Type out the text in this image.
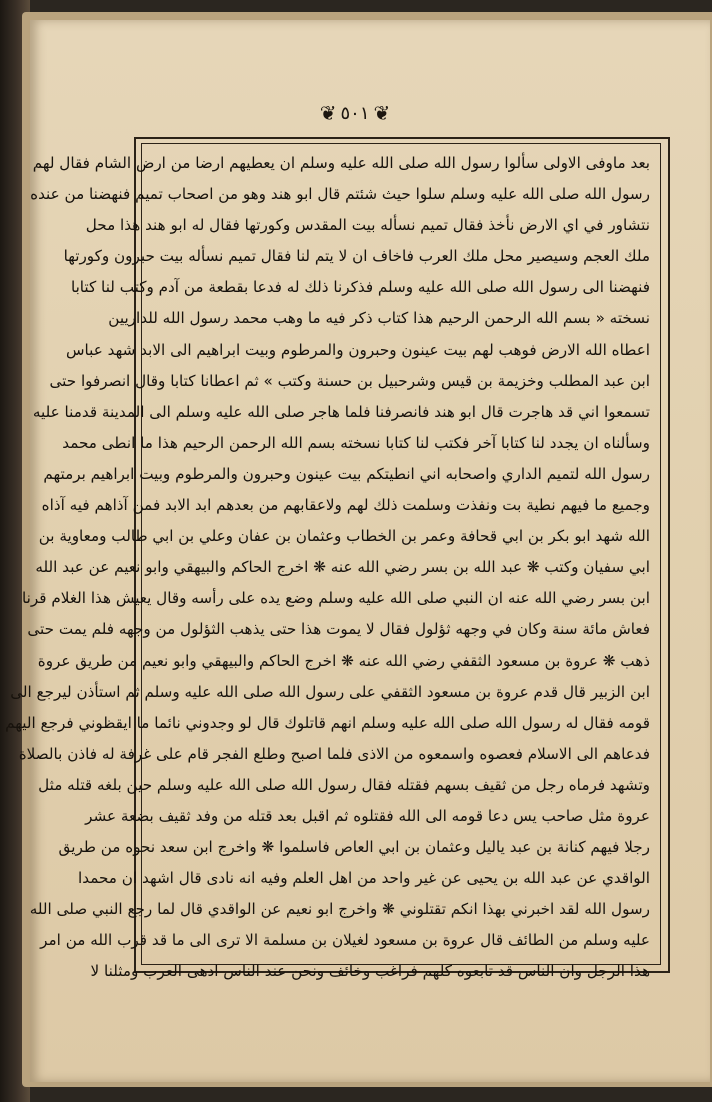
❦
٥٠١
❦
بعد ماوفى الاولى سألوا رسول الله صلى الله عليه وسلم ان يعطيهم ارضا من ارض الشام فقال لهم
رسول الله صلى الله عليه وسلم سلوا حيث شئتم قال ابو هند وهو من اصحاب تميم فنهضنا من عنده
نتشاور في اي الارض نأخذ فقال تميم نسأله بيت المقدس وكورتها فقال له ابو هند هذا محل
ملك العجم وسيصير محل ملك العرب فاخاف ان لا يتم لنا فقال تميم نسأله بيت حبرون وكورتها
فنهضنا الى رسول الله صلى الله عليه وسلم فذكرنا ذلك له فدعا بقطعة من آدم وكتب لنا كتابا
نسخته « بسم الله الرحمن الرحيم هذا كتاب ذكر فيه ما وهب محمد رسول الله للداريين
اعطاه الله الارض فوهب لهم بيت عينون وحبرون والمرطوم وبيت ابراهيم الى الابد شهد عباس
ابن عبد المطلب وخزيمة بن قيس وشرحبيل بن حسنة وكتب » ثم اعطانا كتابا وقال انصرفوا حتى
تسمعوا اني قد هاجرت قال ابو هند فانصرفنا فلما هاجر صلى الله عليه وسلم الى المدينة قدمنا عليه
وسألناه ان يجدد لنا كتابا آخر فكتب لنا كتابا نسخته بسم الله الرحمن الرحيم هذا ما انطى محمد
رسول الله لتميم الداري واصحابه اني انطيتكم بيت عينون وحبرون والمرطوم وبيت ابراهيم برمتهم
وجميع ما فيهم نطية بت ونفذت وسلمت ذلك لهم ولاعقابهم من بعدهم ابد الابد فمن آذاهم فيه آذاه
الله شهد ابو بكر بن ابي قحافة وعمر بن الخطاب وعثمان بن عفان وعلي بن ابي طالب ومعاوية بن
ابي سفيان وكتب ❋ عبد الله بن بسر رضي الله عنه ❋ اخرج الحاكم والبيهقي وابو نعيم عن عبد الله
ابن بسر رضي الله عنه ان النبي صلى الله عليه وسلم وضع يده على رأسه وقال يعيش هذا الغلام قرنا
فعاش مائة سنة وكان في وجهه ثؤلول فقال لا يموت هذا حتى يذهب الثؤلول من وجهه فلم يمت حتى
ذهب ❋ عروة بن مسعود الثقفي رضي الله عنه ❋ اخرج الحاكم والبيهقي وابو نعيم من طريق عروة
ابن الزبير قال قدم عروة بن مسعود الثقفي على رسول الله صلى الله عليه وسلم ثم استأذن ليرجع الى
قومه فقال له رسول الله صلى الله عليه وسلم انهم قاتلوك قال لو وجدوني نائما ما ايقظوني فرجع اليهم
فدعاهم الى الاسلام فعصوه واسمعوه من الاذى فلما اصبح وطلع الفجر قام على غرفة له فاذن بالصلاة
وتشهد فرماه رجل من ثقيف بسهم فقتله فقال رسول الله صلى الله عليه وسلم حين بلغه قتله مثل
عروة مثل صاحب يس دعا قومه الى الله فقتلوه ثم اقبل بعد قتله من وفد ثقيف بضعة عشر
رجلا فيهم كنانة بن عبد ياليل وعثمان بن ابي العاص فاسلموا ❋ واخرج ابن سعد نحوه من طريق
الواقدي عن عبد الله بن يحيى عن غير واحد من اهل العلم وفيه انه نادى قال اشهد ان محمدا
رسول الله لقد اخبرني بهذا انكم تقتلوني ❋ واخرج ابو نعيم عن الواقدي قال لما رجع النبي صلى الله
عليه وسلم من الطائف قال عروة بن مسعود لغيلان بن مسلمة الا ترى الى ما قد قرب الله من امر
هذا الرجل وان الناس قد تابعوه كلهم فراغب وخائف ونحن عند الناس ادهى العرب ومثلنا لا
